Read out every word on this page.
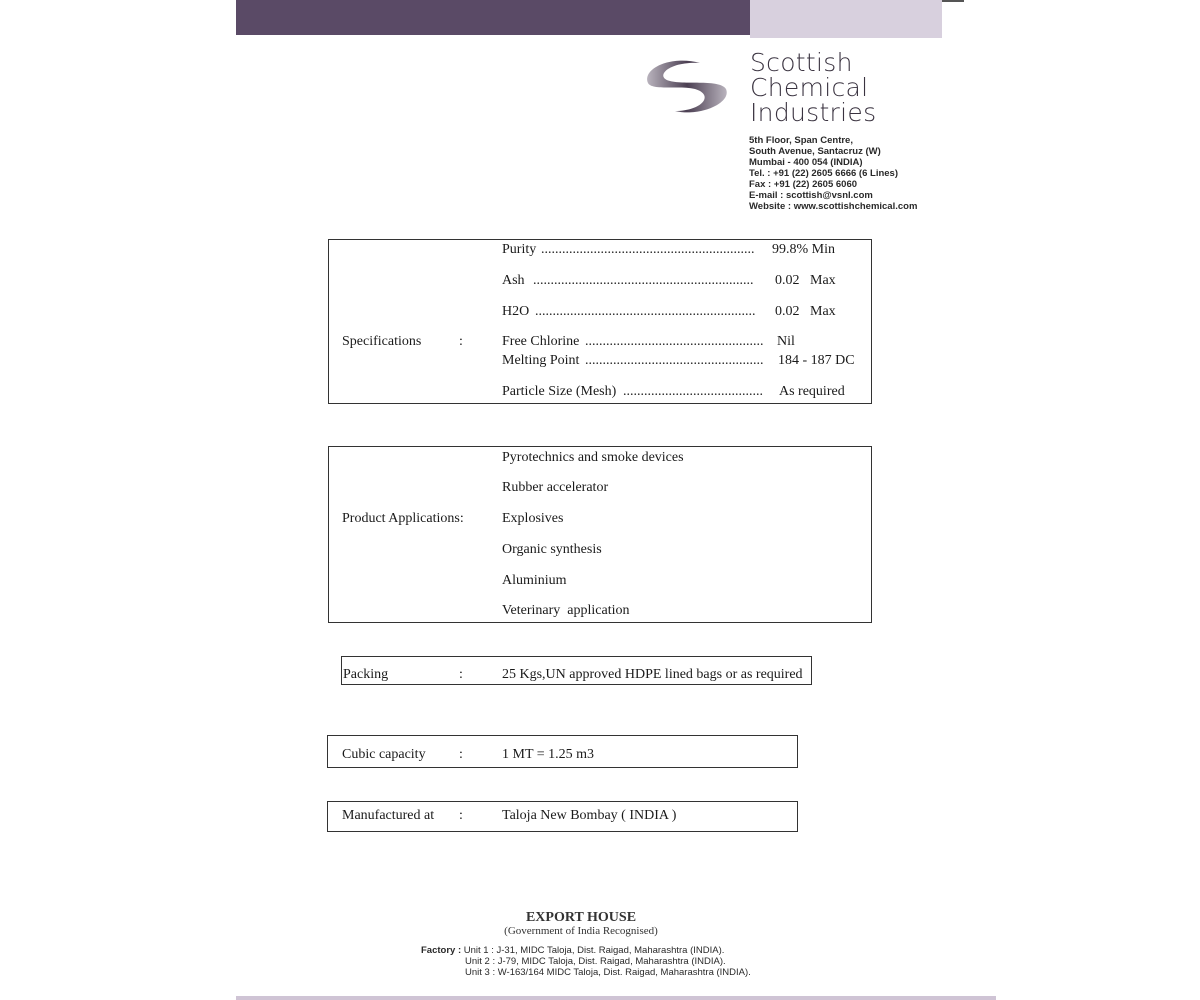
Scottish
Chemical
Industries
5th Floor, Span Centre,
South Avenue, Santacruz (W)
Mumbai - 400 054 (INDIA)
Tel. : +91 (22) 2605 6666 (6 Lines)
Fax : +91 (22) 2605 6060
E-mail : scottish@vsnl.com
Website : www.scottishchemical.com
Specifications	:
Purity ............................................................. 99.8% Min
Ash ............................................................... 0.02   Max
H2O ............................................................... 0.02   Max
Free Chlorine ................................................... Nil
Melting Point ................................................... 184 - 187 DC
Particle Size (Mesh) ........................................ As required
Product Applications:
Pyrotechnics and smoke devices
Rubber accelerator
Explosives
Organic synthesis
Aluminium
Veterinary  application
Packing	:	25 Kgs,UN approved HDPE lined bags or as required
Cubic capacity :	1 MT = 1.25 m3
Manufactured at :	Taloja New Bombay ( INDIA )
EXPORT HOUSE
(Government of India Recognised)
Factory : Unit 1 : J-31, MIDC Taloja, Dist. Raigad, Maharashtra (INDIA).
Unit 2 : J-79, MIDC Taloja, Dist. Raigad, Maharashtra (INDIA).
Unit 3 : W-163/164 MIDC Taloja, Dist. Raigad, Maharashtra (INDIA).
